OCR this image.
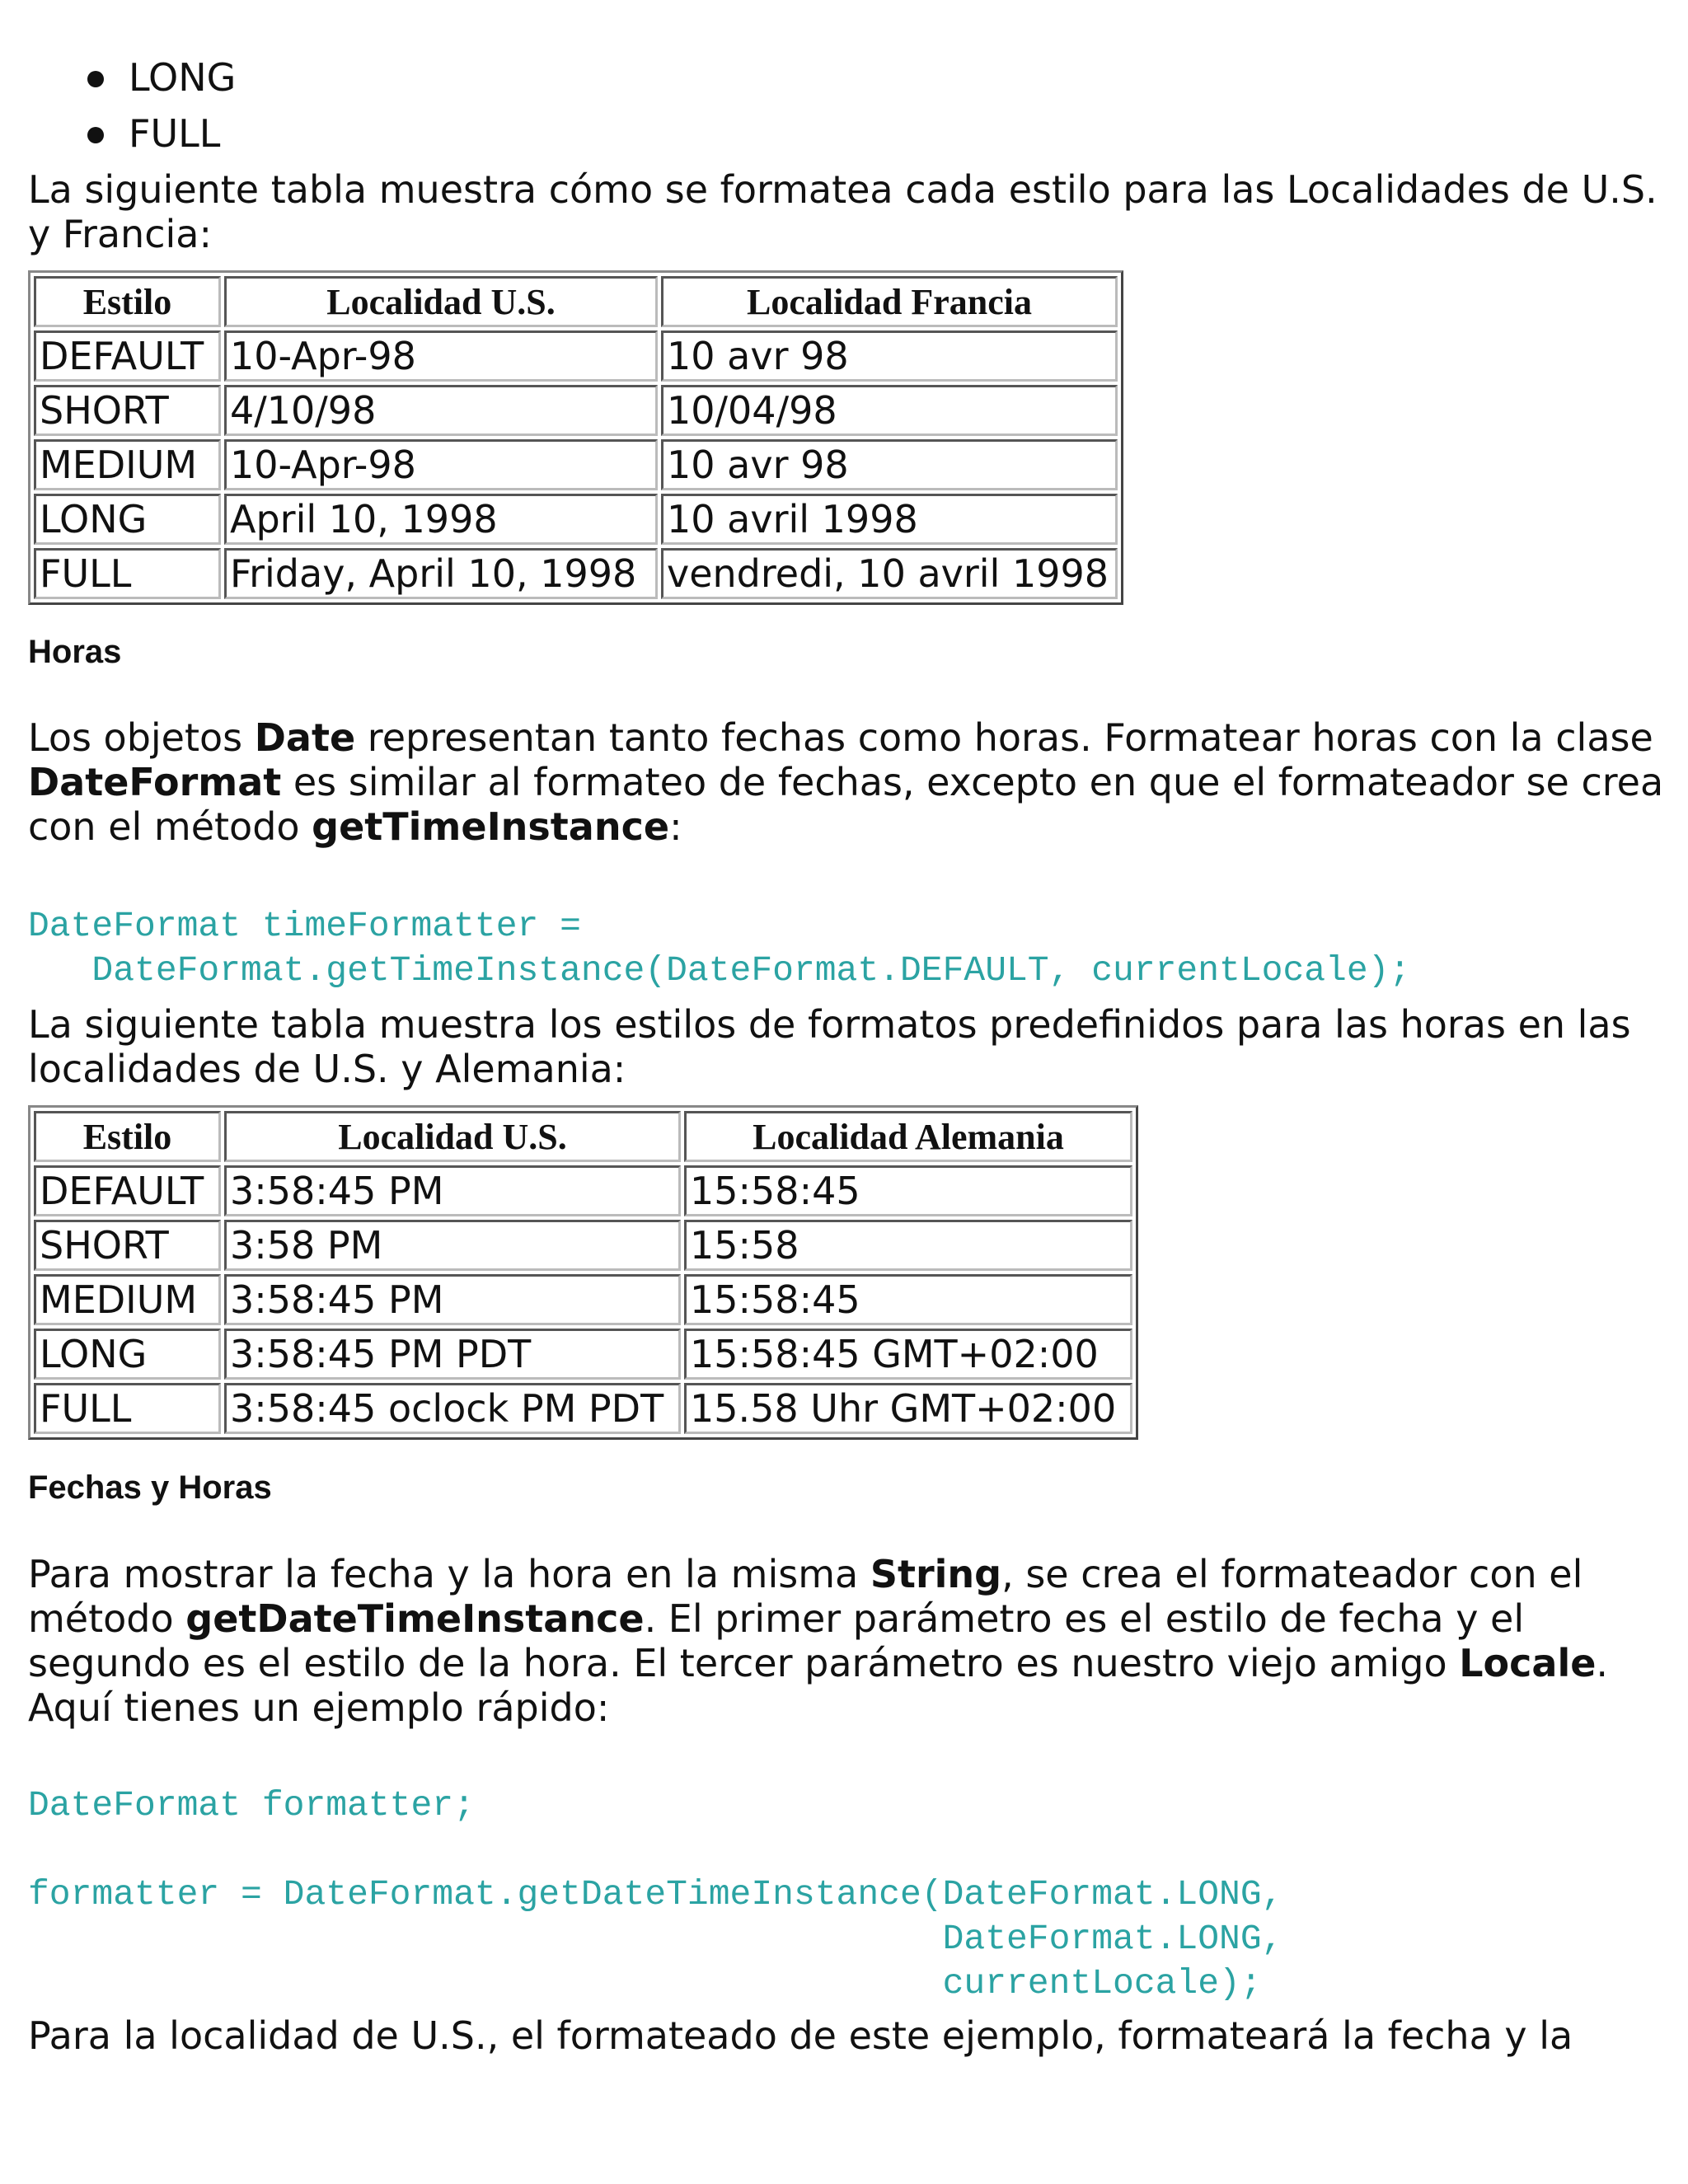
LONG
FULL

La siguiente tabla muestra cómo se formatea cada estilo para las Localidades de U.S. y Francia:

Estilo	Localidad U.S.	Localidad Francia
DEFAULT	10-Apr-98	10 avr 98
SHORT	4/10/98	10/04/98
MEDIUM	10-Apr-98	10 avr 98
LONG	April 10, 1998	10 avril 1998
FULL	Friday, April 10, 1998	vendredi, 10 avril 1998
Horas

Los objetos Date representan tanto fechas como horas. Formatear horas con la clase DateFormat es similar al formateo de fechas, excepto en que el formateador se crea con el método getTimeInstance:

DateFormat timeFormatter =
DateFormat.getTimeInstance(DateFormat.DEFAULT, currentLocale);

La siguiente tabla muestra los estilos de formatos predefinidos para las horas en las localidades de U.S. y Alemania:

Estilo	Localidad U.S.	Localidad Alemania
DEFAULT	3:58:45 PM	15:58:45
SHORT	3:58 PM	15:58
MEDIUM	3:58:45 PM	15:58:45
LONG	3:58:45 PM PDT	15:58:45 GMT+02:00
FULL	3:58:45 oclock PM PDT	15.58 Uhr GMT+02:00
Fechas y Horas

Para mostrar la fecha y la hora en la misma String, se crea el formateador con el método getDateTimeInstance. El primer parámetro es el estilo de fecha y el segundo es el estilo de la hora. El tercer parámetro es nuestro viejo amigo Locale. Aquí tienes un ejemplo rápido:

DateFormat formatter;

formatter = DateFormat.getDateTimeInstance(DateFormat.LONG,
DateFormat.LONG,
currentLocale);

Para la localidad de U.S., el formateado de este ejemplo, formateará la fecha y la
